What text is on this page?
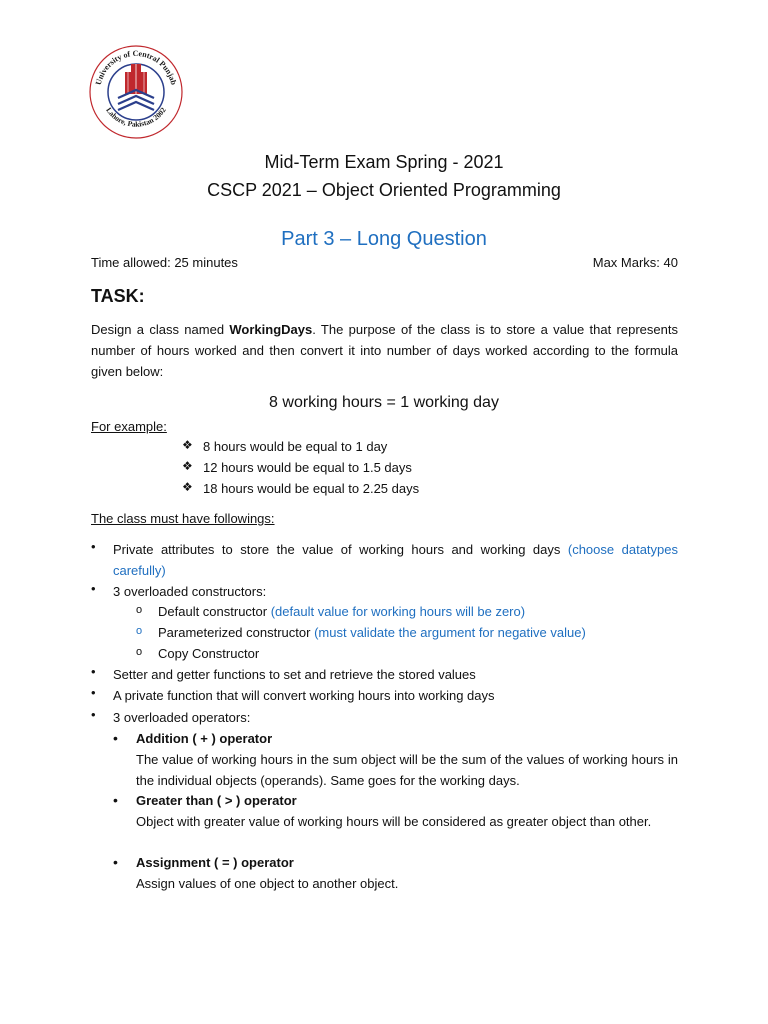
University of Central Punjab
Lahore, Pakistan 2002
Mid-Term Exam Spring - 2021
CSCP 2021 – Object Oriented Programming
Part 3 – Long Question
Time allowed: 25 minutes	Max Marks: 40
TASK:
Design a class named WorkingDays. The purpose of the class is to store a value that represents number of hours worked and then convert it into number of days worked according to the formula given below:
8 working hours = 1 working day
For example:
❖ 8 hours would be equal to 1 day
❖ 12 hours would be equal to 1.5 days
❖ 18 hours would be equal to 2.25 days
The class must have followings:
• Private attributes to store the value of working hours and working days (choose datatypes carefully)
• 3 overloaded constructors:
o Default constructor (default value for working hours will be zero)
o Parameterized constructor (must validate the argument for negative value)
o Copy Constructor
• Setter and getter functions to set and retrieve the stored values
• A private function that will convert working hours into working days
• 3 overloaded operators:
• Addition ( + ) operator
The value of working hours in the sum object will be the sum of the values of working hours in the individual objects (operands). Same goes for the working days.
• Greater than ( > ) operator
Object with greater value of working hours will be considered as greater object than other.
• Assignment ( = ) operator
Assign values of one object to another object.
